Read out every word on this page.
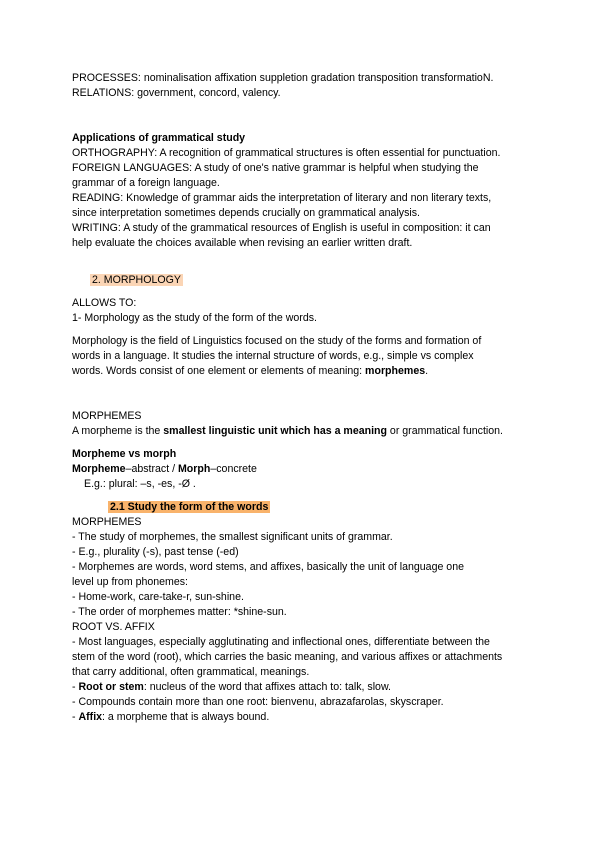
PROCESSES: nominalisation affixation suppletion gradation transposition transformatioN.
RELATIONS: government, concord, valency.
Applications of grammatical study
ORTHOGRAPHY: A recognition of grammatical structures is often essential for punctuation.
FOREIGN LANGUAGES: A study of one's native grammar is helpful when studying the
grammar of a foreign language.
READING: Knowledge of grammar aids the interpretation of literary and non literary texts,
since interpretation sometimes depends crucially on grammatical analysis.
WRITING: A study of the grammatical resources of English is useful in composition: it can
help evaluate the choices available when revising an earlier written draft.
2. MORPHOLOGY
ALLOWS TO:
1- Morphology as the study of the form of the words.
Morphology is the field of Linguistics focused on the study of the forms and formation of
words in a language. It studies the internal structure of words, e.g., simple vs complex
words. Words consist of one element or elements of meaning: morphemes.
MORPHEMES
A morpheme is the smallest linguistic unit which has a meaning or grammatical function.
Morpheme vs morph
Morpheme–abstract / Morph–concrete
E.g.: plural: –s, -es, -Ø .
2.1 Study the form of the words
MORPHEMES
- The study of morphemes, the smallest significant units of grammar.
- E.g., plurality (-s), past tense (-ed)
- Morphemes are words, word stems, and affixes, basically the unit of language one
level up from phonemes:
- Home-work, care-take-r, sun-shine.
- The order of morphemes matter: *shine-sun.
ROOT VS. AFFIX
- Most languages, especially agglutinating and inflectional ones, differentiate between the
stem of the word (root), which carries the basic meaning, and various affixes or attachments
that carry additional, often grammatical, meanings.
- Root or stem: nucleus of the word that affixes attach to: talk, slow.
- Compounds contain more than one root: bienvenu, abrazafarolas, skyscraper.
- Affix: a morpheme that is always bound.
